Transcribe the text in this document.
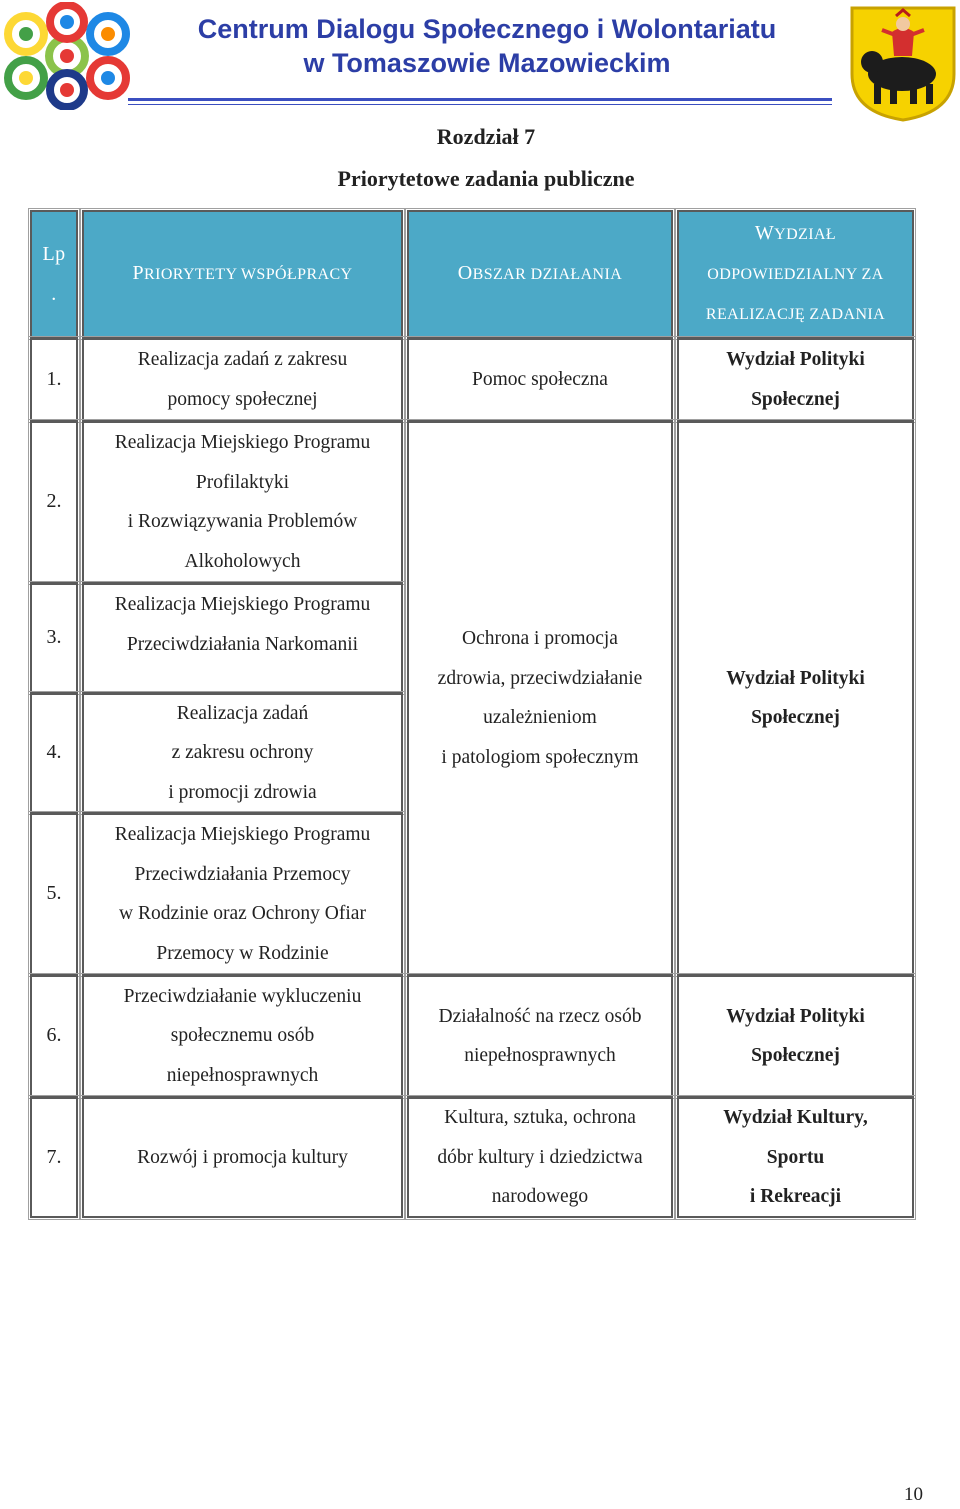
Centrum Dialogu Społecznego i Wolontariatu
w Tomaszowie Mazowieckim
Rozdział 7
Priorytetowe zadania publiczne
Lp
.
PRIORYTETY WSPÓŁPRACY	OBSZAR DZIAŁANIA
WYDZIAŁ
ODPOWIEDZIALNY ZA
REALIZACJĘ ZADANIA
1.
Realizacja zadań z zakresu
pomocy społecznej
Pomoc społeczna
Wydział Polityki
Społecznej
2.
Realizacja Miejskiego Programu
Profilaktyki
i Rozwiązywania Problemów
Alkoholowych
Ochrona i promocja
zdrowia, przeciwdziałanie
uzależnieniom
i patologiom społecznym
Wydział Polityki
Społecznej
3.
Realizacja Miejskiego Programu
Przeciwdziałania Narkomanii
4.
Realizacja zadań
z zakresu ochrony
i promocji zdrowia
5.
Realizacja Miejskiego Programu
Przeciwdziałania Przemocy
w Rodzinie oraz Ochrony Ofiar
Przemocy w Rodzinie
6.
Przeciwdziałanie wykluczeniu
społecznemu osób
niepełnosprawnych
Działalność na rzecz osób
niepełnosprawnych
Wydział Polityki
Społecznej
7.	Rozwój i promocja kultury
Kultura, sztuka, ochrona
dóbr kultury i dziedzictwa
narodowego
Wydział Kultury,
Sportu
i Rekreacji
10
